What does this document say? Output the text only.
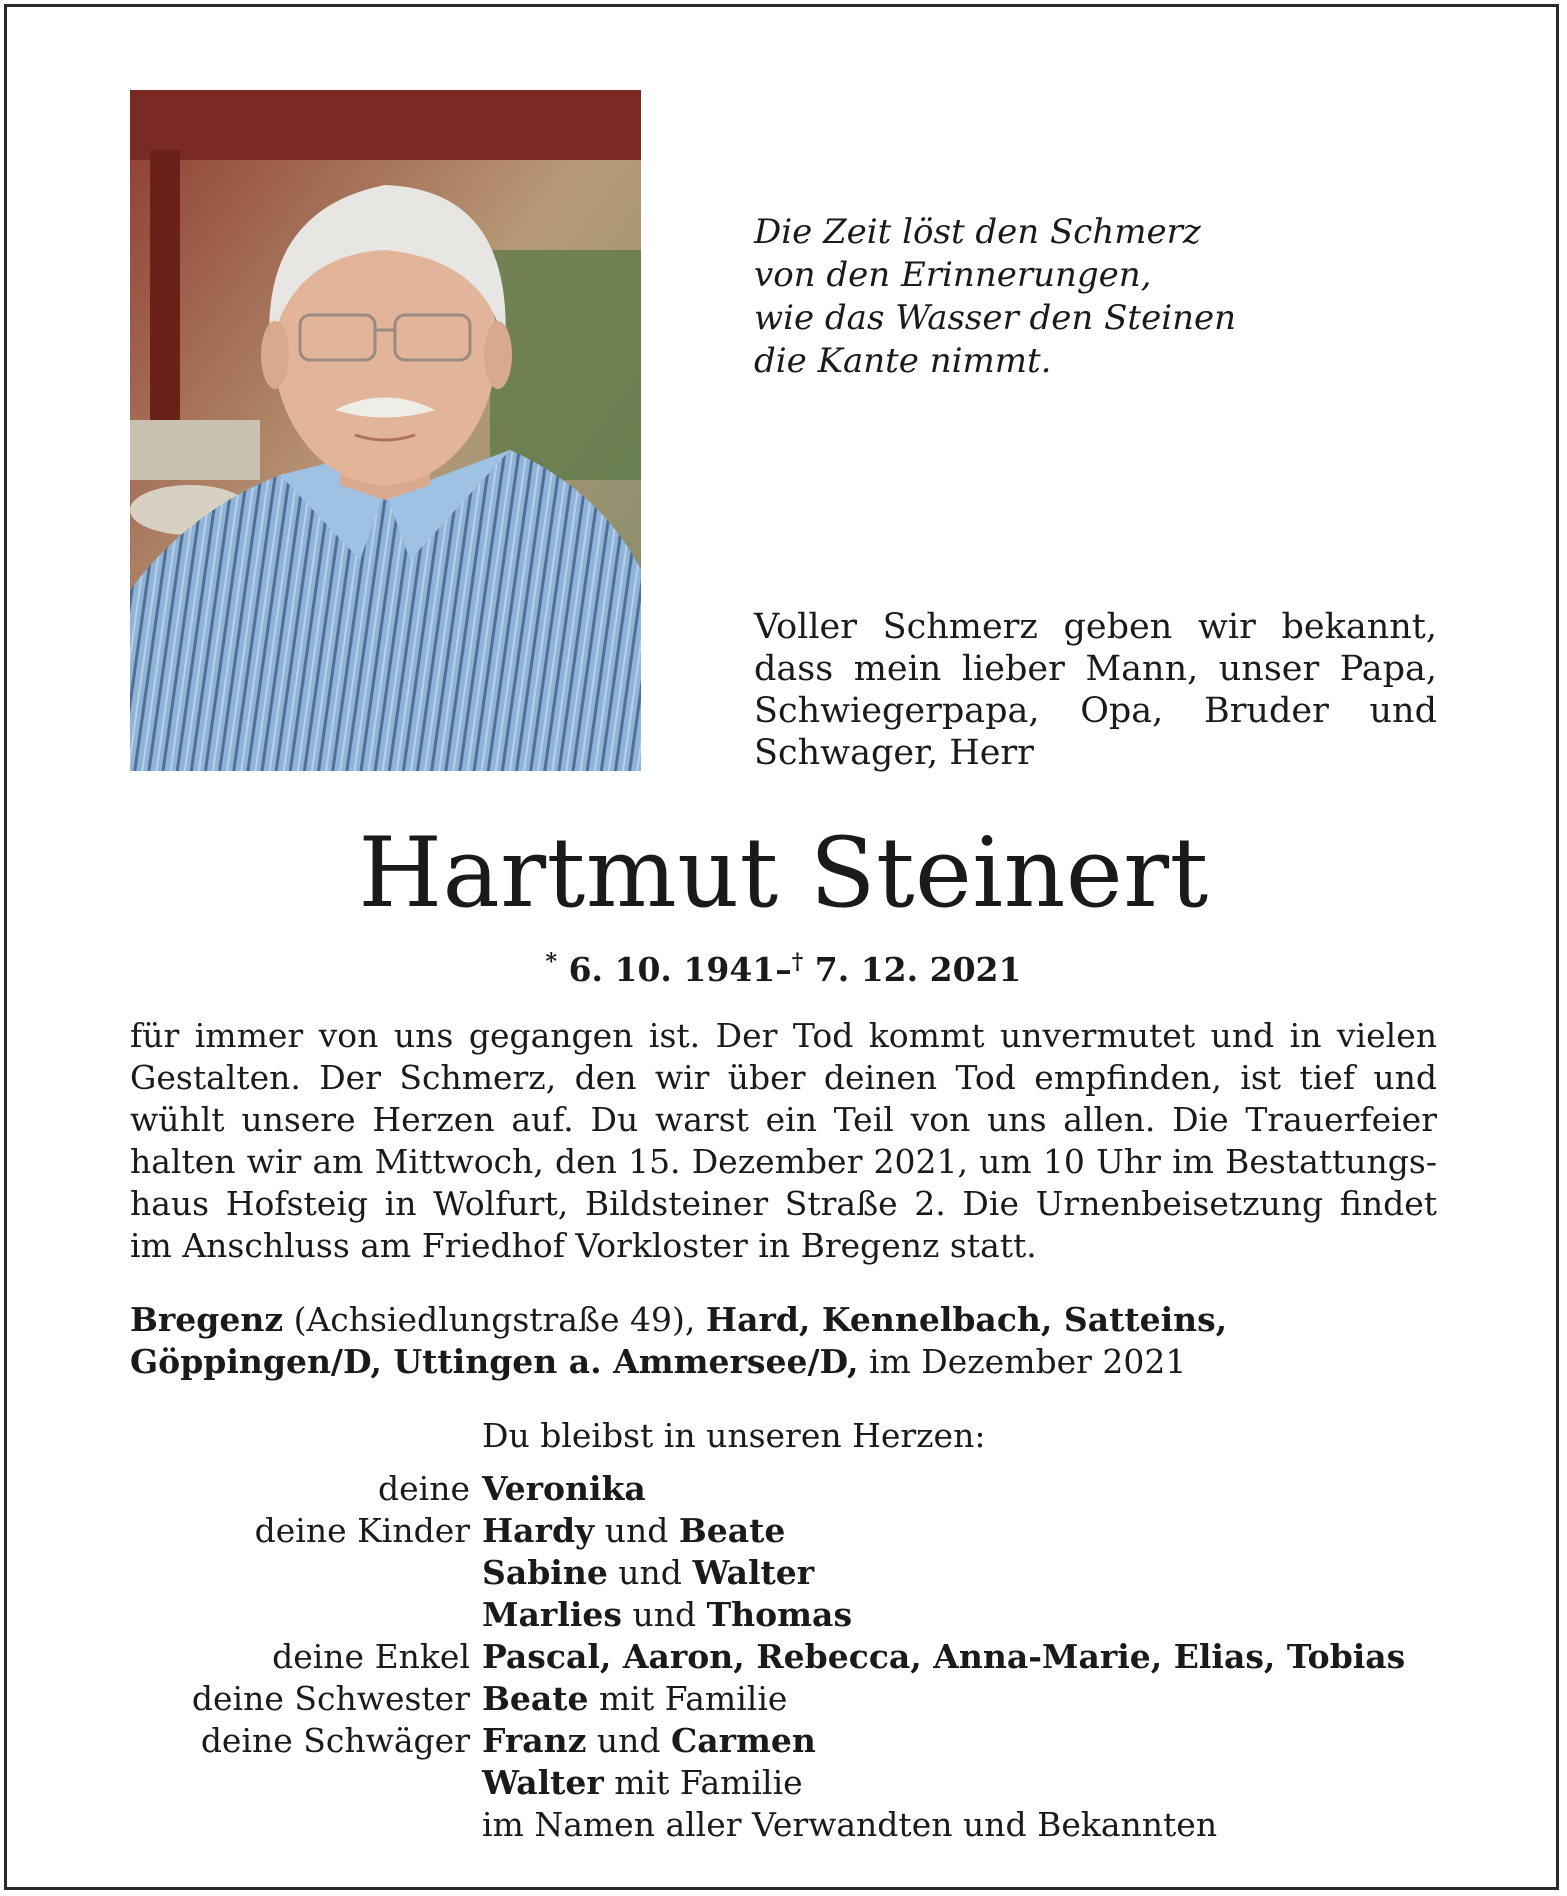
Die Zeit löst den Schmerz
von den Erinnerungen,
wie das Wasser den Steinen
die Kante nimmt.
Voller Schmerz geben wir bekannt,
dass mein lieber Mann, unser Papa,
Schwiegerpapa, Opa, Bruder und
Schwager, Herr
Hartmut Steinert
* 6. 10. 1941–† 7. 12. 2021
für immer von uns gegangen ist. Der Tod kommt unvermutet und in vielen
Gestalten. Der Schmerz, den wir über deinen Tod empfinden, ist tief und
wühlt unsere Herzen auf. Du warst ein Teil von uns allen. Die Trauerfeier
halten wir am Mittwoch, den 15. Dezember 2021, um 10 Uhr im Bestattungs-
haus Hofsteig in Wolfurt, Bildsteiner Straße 2. Die Urnenbeisetzung findet
im Anschluss am Friedhof Vorkloster in Bregenz statt.
Bregenz (Achsiedlungstraße 49), Hard, Kennelbach, Satteins,
Göppingen/D, Uttingen a. Ammersee/D, im Dezember 2021
Du bleibst in unseren Herzen:
deine Veronika
deine Kinder Hardy und Beate
Sabine und Walter
Marlies und Thomas
deine Enkel Pascal, Aaron, Rebecca, Anna-Marie, Elias, Tobias
deine Schwester Beate mit Familie
deine Schwäger Franz und Carmen
Walter mit Familie
im Namen aller Verwandten und Bekannten
